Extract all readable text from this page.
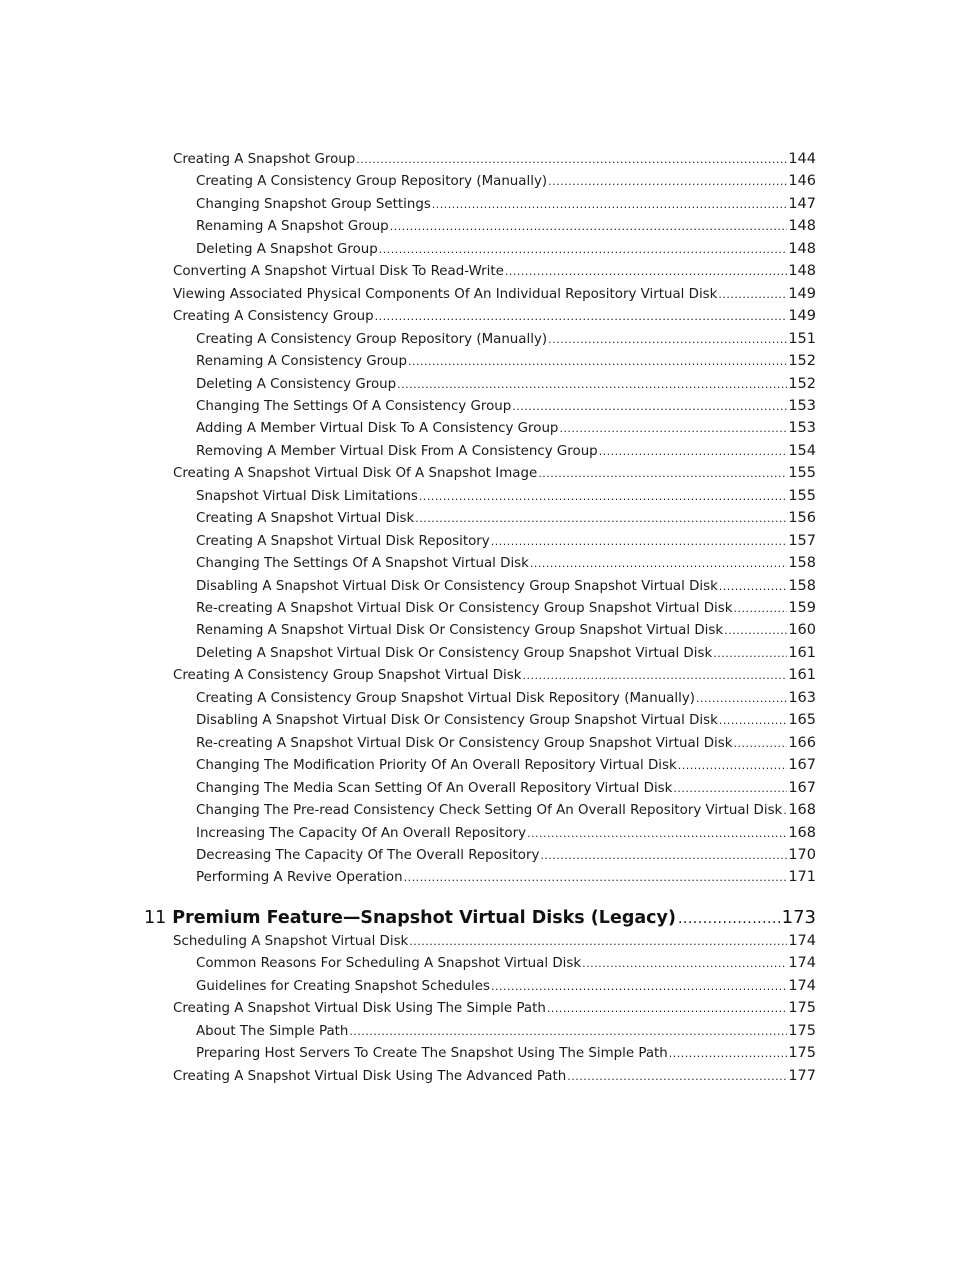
Creating A Snapshot Group .....	144
Creating A Consistency Group Repository (Manually) .....	146
Changing Snapshot Group Settings .....	147
Renaming A Snapshot Group .....	148
Deleting A Snapshot Group .....	148
Converting A Snapshot Virtual Disk To Read-Write .....	148
Viewing Associated Physical Components Of An Individual Repository Virtual Disk .....	149
Creating A Consistency Group .....	149
Creating A Consistency Group Repository (Manually) .....	151
Renaming A Consistency Group .....	152
Deleting A Consistency Group .....	152
Changing The Settings Of A Consistency Group .....	153
Adding A Member Virtual Disk To A Consistency Group .....	153
Removing A Member Virtual Disk From A Consistency Group .....	154
Creating A Snapshot Virtual Disk Of A Snapshot Image .....	155
Snapshot Virtual Disk Limitations .....	155
Creating A Snapshot Virtual Disk .....	156
Creating A Snapshot Virtual Disk Repository .....	157
Changing The Settings Of A Snapshot Virtual Disk .....	158
Disabling A Snapshot Virtual Disk Or Consistency Group Snapshot Virtual Disk .....	158
Re-creating A Snapshot Virtual Disk Or Consistency Group Snapshot Virtual Disk .....	159
Renaming A Snapshot Virtual Disk Or Consistency Group Snapshot Virtual Disk .....	160
Deleting A Snapshot Virtual Disk Or Consistency Group Snapshot Virtual Disk .....	161
Creating A Consistency Group Snapshot Virtual Disk .....	161
Creating A Consistency Group Snapshot Virtual Disk Repository (Manually) .....	163
Disabling A Snapshot Virtual Disk Or Consistency Group Snapshot Virtual Disk .....	165
Re-creating A Snapshot Virtual Disk Or Consistency Group Snapshot Virtual Disk .....	166
Changing The Modification Priority Of An Overall Repository Virtual Disk .....	167
Changing The Media Scan Setting Of An Overall Repository Virtual Disk .....	167
Changing The Pre-read Consistency Check Setting Of An Overall Repository Virtual Disk ..... 168
Increasing The Capacity Of An Overall Repository .....	168
Decreasing The Capacity Of The Overall Repository .....	170
Performing A Revive Operation .....	171
11 Premium Feature—Snapshot Virtual Disks (Legacy) .....	173
Scheduling A Snapshot Virtual Disk .....	174
Common Reasons For Scheduling A Snapshot Virtual Disk .....	174
Guidelines for Creating Snapshot Schedules .....	174
Creating A Snapshot Virtual Disk Using The Simple Path .....	175
About The Simple Path .....	175
Preparing Host Servers To Create The Snapshot Using The Simple Path .....	175
Creating A Snapshot Virtual Disk Using The Advanced Path .....	177
